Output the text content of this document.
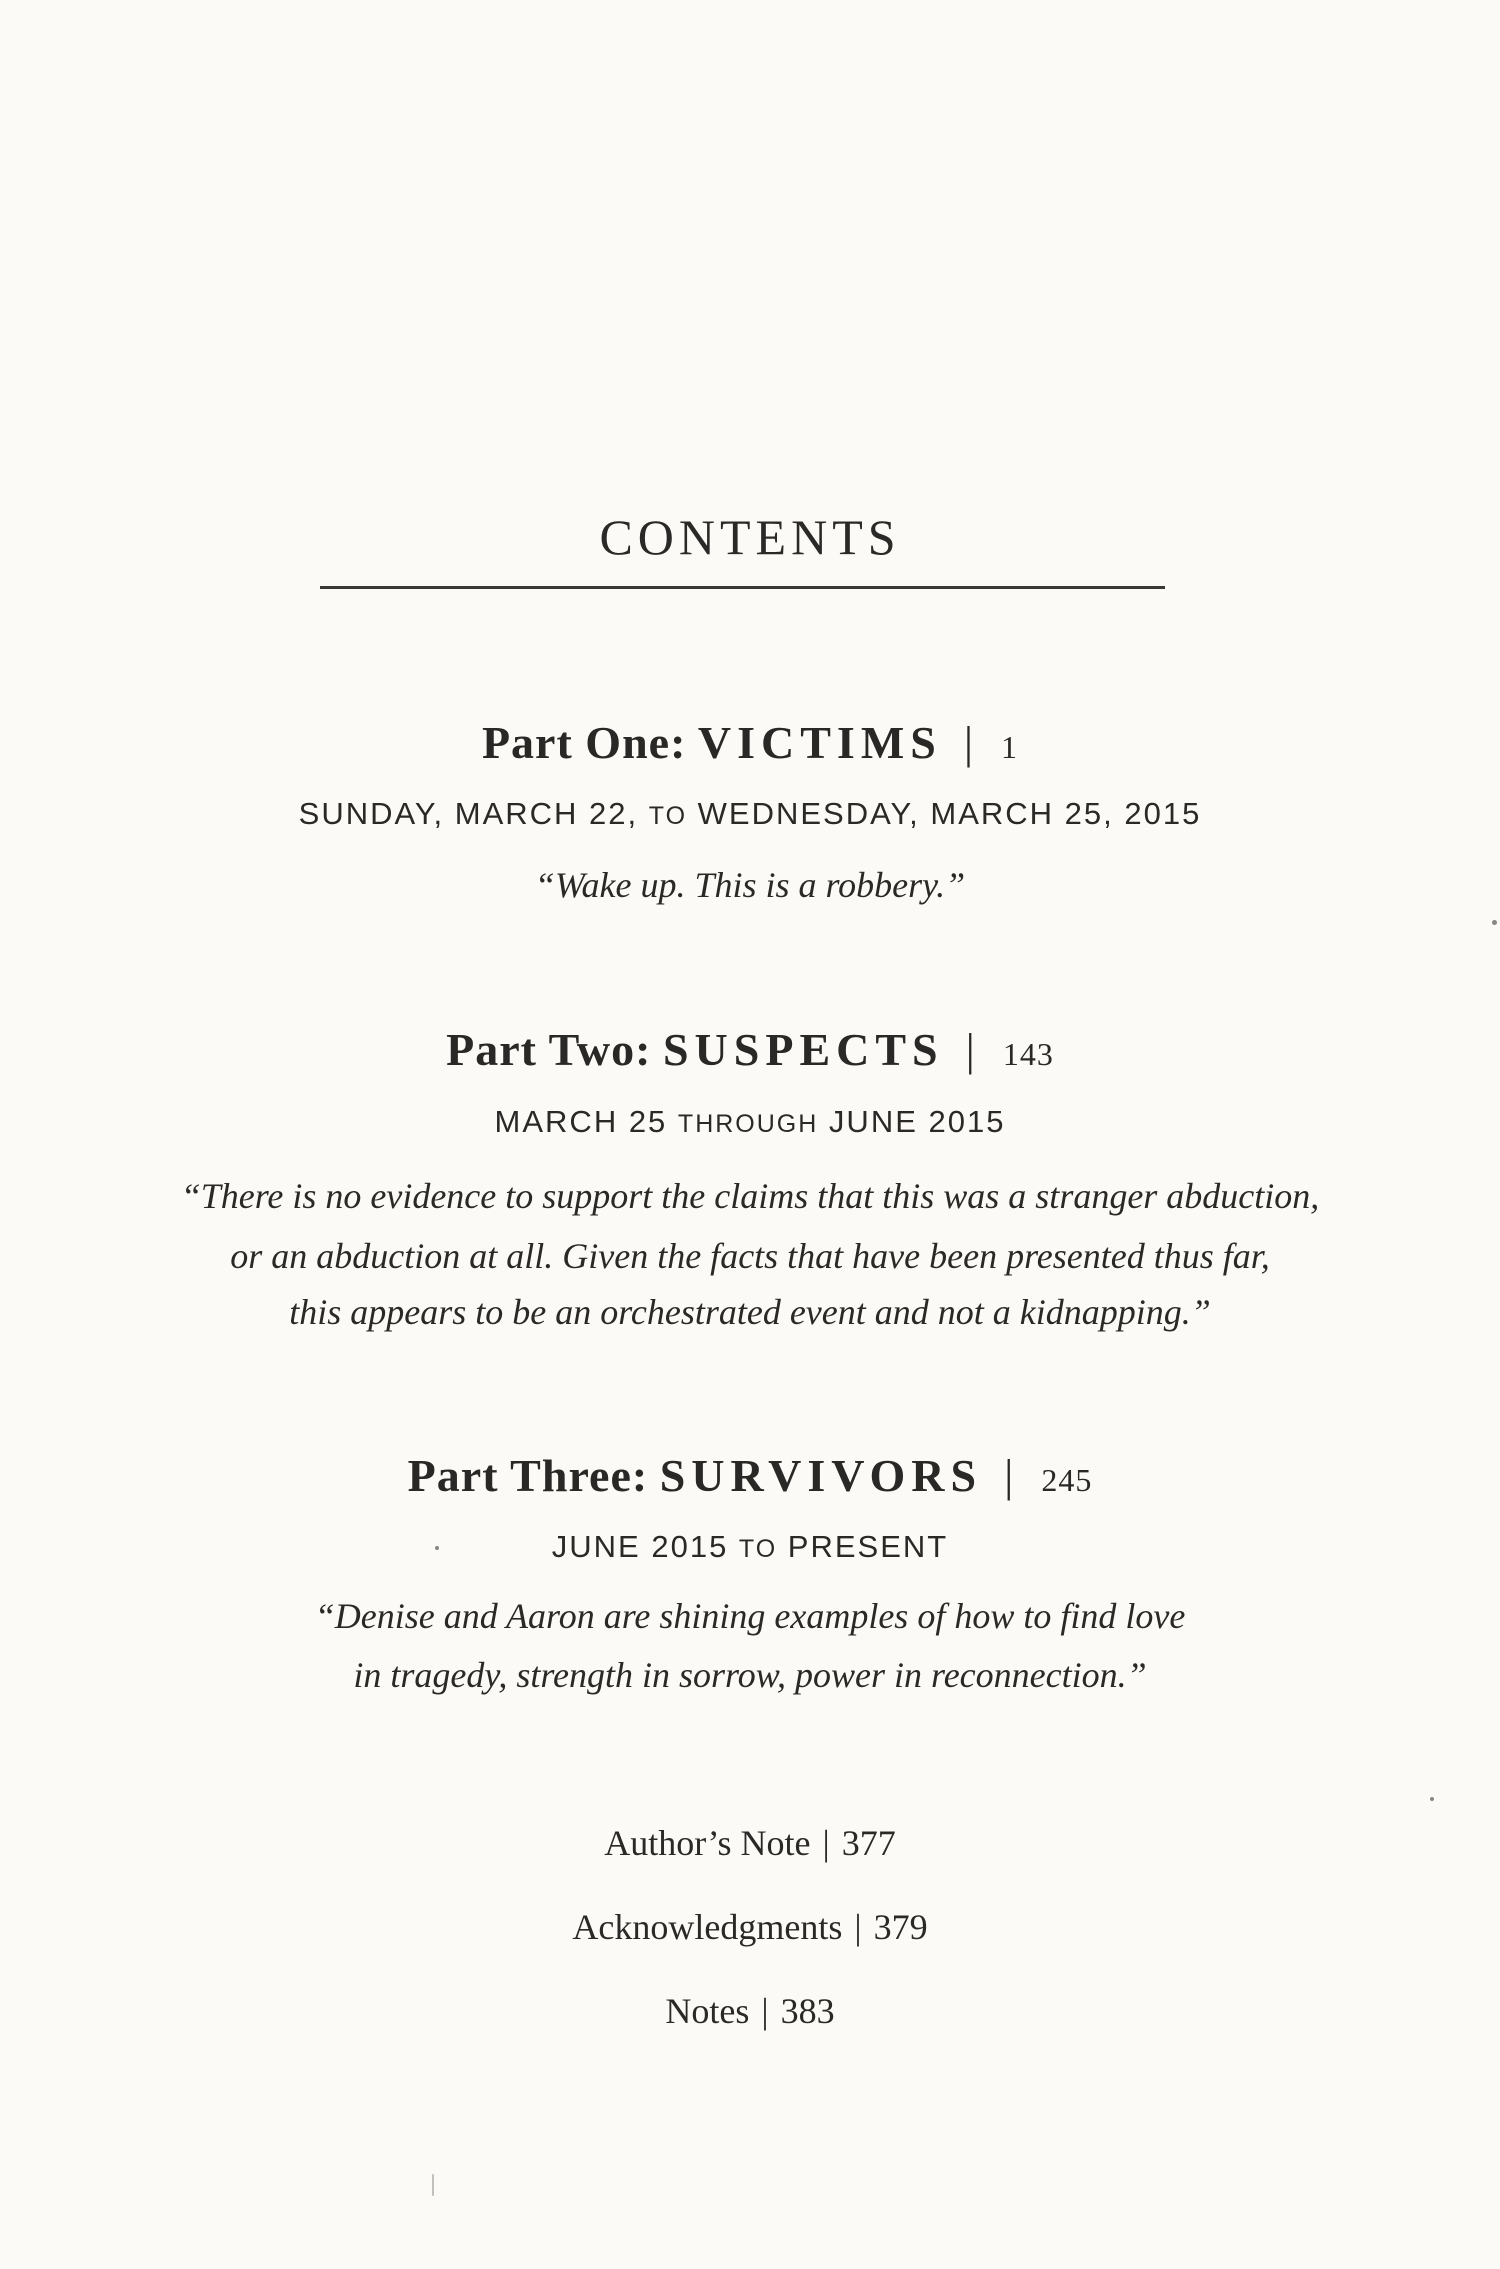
CONTENTS
Part One: VICTIMS | 1
SUNDAY, MARCH 22, TO WEDNESDAY, MARCH 25, 2015
“Wake up. This is a robbery.”
Part Two: SUSPECTS | 143
MARCH 25 THROUGH JUNE 2015
“There is no evidence to support the claims that this was a stranger abduction,
or an abduction at all. Given the facts that have been presented thus far,
this appears to be an orchestrated event and not a kidnapping.”
Part Three: SURVIVORS | 245
JUNE 2015 TO PRESENT
“Denise and Aaron are shining examples of how to find love
in tragedy, strength in sorrow, power in reconnection.”
Author’s Note | 377
Acknowledgments | 379
Notes | 383
